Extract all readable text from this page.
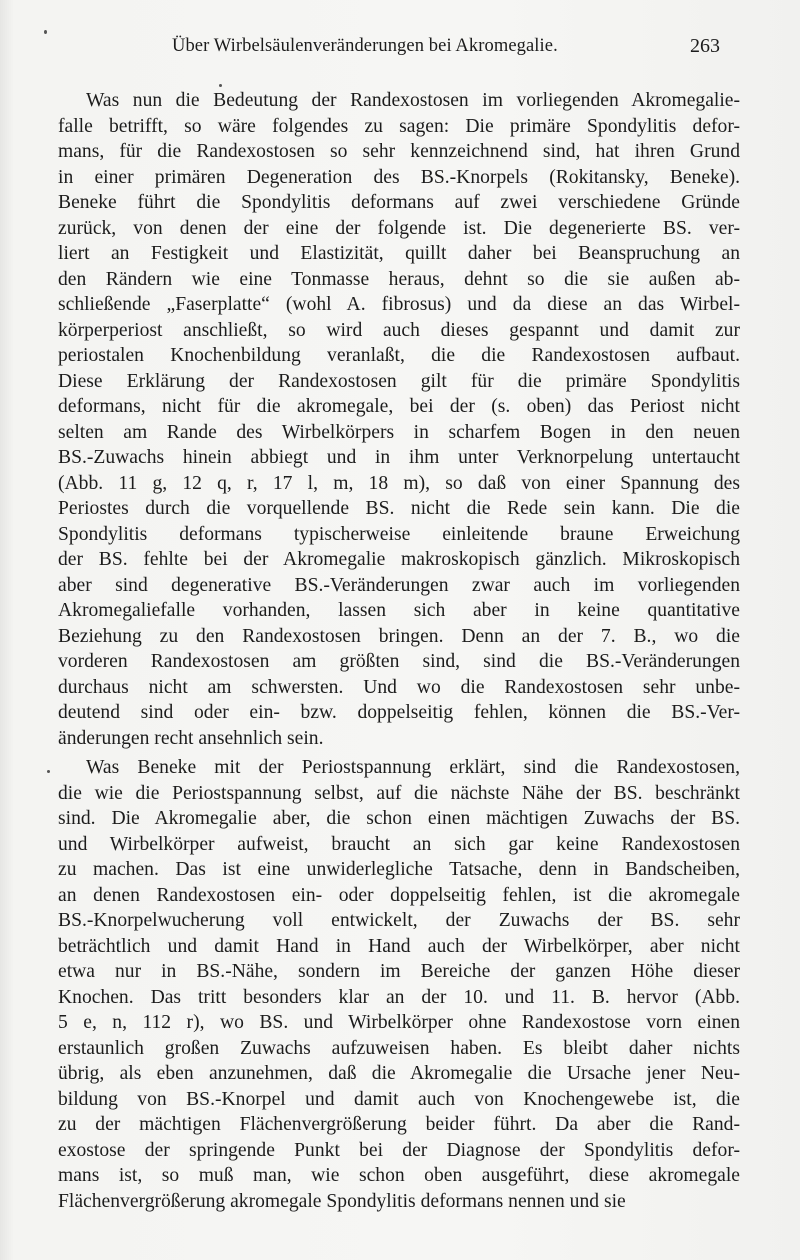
Über Wirbelsäulenveränderungen bei Akromegalie.	263
Was nun die Bedeutung der Randexostosen im vorliegenden Akromegalie-
falle betrifft, so wäre folgendes zu sagen: Die primäre Spondylitis defor-
mans, für die Randexostosen so sehr kennzeichnend sind, hat ihren Grund
in einer primären Degeneration des BS.-Knorpels (Rokitansky, Beneke).
Beneke führt die Spondylitis deformans auf zwei verschiedene Gründe
zurück, von denen der eine der folgende ist. Die degenerierte BS. ver-
liert an Festigkeit und Elastizität, quillt daher bei Beanspruchung an
den Rändern wie eine Tonmasse heraus, dehnt so die sie außen ab-
schließende „Faserplatte“ (wohl A. fibrosus) und da diese an das Wirbel-
körperperiost anschließt, so wird auch dieses gespannt und damit zur
periostalen Knochenbildung veranlaßt, die die Randexostosen aufbaut.
Diese Erklärung der Randexostosen gilt für die primäre Spondylitis
deformans, nicht für die akromegale, bei der (s. oben) das Periost nicht
selten am Rande des Wirbelkörpers in scharfem Bogen in den neuen
BS.-Zuwachs hinein abbiegt und in ihm unter Verknorpelung untertaucht
(Abb. 11 g, 12 q, r, 17 l, m, 18 m), so daß von einer Spannung des
Periostes durch die vorquellende BS. nicht die Rede sein kann. Die die
Spondylitis deformans typischerweise einleitende braune Erweichung
der BS. fehlte bei der Akromegalie makroskopisch gänzlich. Mikroskopisch
aber sind degenerative BS.-Veränderungen zwar auch im vorliegenden
Akromegaliefalle vorhanden, lassen sich aber in keine quantitative
Beziehung zu den Randexostosen bringen. Denn an der 7. B., wo die
vorderen Randexostosen am größten sind, sind die BS.-Veränderungen
durchaus nicht am schwersten. Und wo die Randexostosen sehr unbe-
deutend sind oder ein- bzw. doppelseitig fehlen, können die BS.-Ver-
änderungen recht ansehnlich sein.
Was Beneke mit der Periostspannung erklärt, sind die Randexostosen,
die wie die Periostspannung selbst, auf die nächste Nähe der BS. beschränkt
sind. Die Akromegalie aber, die schon einen mächtigen Zuwachs der BS.
und Wirbelkörper aufweist, braucht an sich gar keine Randexostosen
zu machen. Das ist eine unwiderlegliche Tatsache, denn in Bandscheiben,
an denen Randexostosen ein- oder doppelseitig fehlen, ist die akromegale
BS.-Knorpelwucherung voll entwickelt, der Zuwachs der BS. sehr
beträchtlich und damit Hand in Hand auch der Wirbelkörper, aber nicht
etwa nur in BS.-Nähe, sondern im Bereiche der ganzen Höhe dieser
Knochen. Das tritt besonders klar an der 10. und 11. B. hervor (Abb.
5 e, n, 112 r), wo BS. und Wirbelkörper ohne Randexostose vorn einen
erstaunlich großen Zuwachs aufzuweisen haben. Es bleibt daher nichts
übrig, als eben anzunehmen, daß die Akromegalie die Ursache jener Neu-
bildung von BS.-Knorpel und damit auch von Knochengewebe ist, die
zu der mächtigen Flächenvergrößerung beider führt. Da aber die Rand-
exostose der springende Punkt bei der Diagnose der Spondylitis defor-
mans ist, so muß man, wie schon oben ausgeführt, diese akromegale
Flächenvergrößerung akromegale Spondylitis deformans nennen und sie
